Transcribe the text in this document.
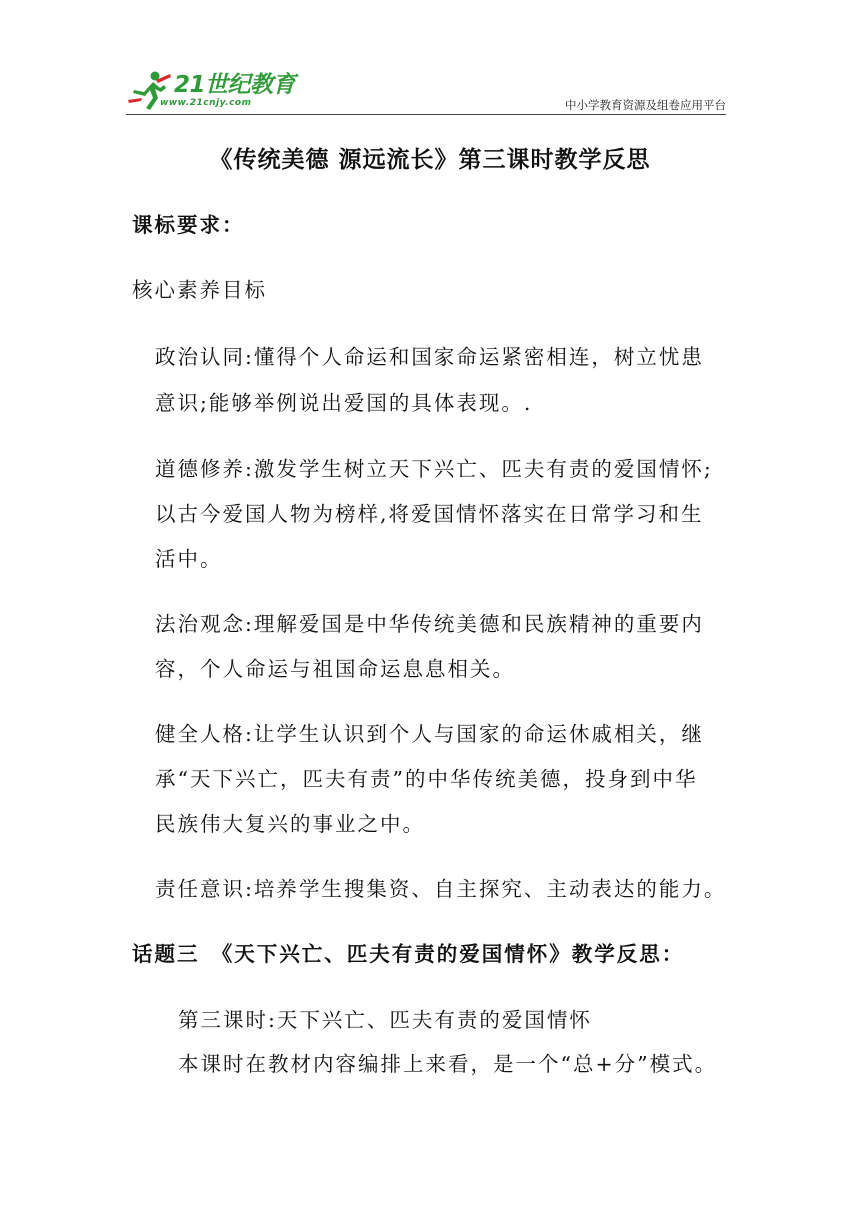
21世纪教育
www.21cnjy.com	中小学教育资源及组卷应用平台
《传统美德 源远流长》第三课时教学反思
课标要求：
核心素养目标
政治认同:懂得个人命运和国家命运紧密相连，树立忧患
意识;能够举例说出爱国的具体表现。.
道德修养:激发学生树立天下兴亡、匹夫有责的爱国情怀;
以古今爱国人物为榜样,将爱国情怀落实在日常学习和生
活中。
法治观念:理解爱国是中华传统美德和民族精神的重要内
容，个人命运与祖国命运息息相关。
健全人格:让学生认识到个人与国家的命运休戚相关，继
承“天下兴亡，匹夫有责”的中华传统美德，投身到中华
民族伟大复兴的事业之中。
责任意识:培养学生搜集资、自主探究、主动表达的能力。
话题三　《天下兴亡、匹夫有责的爱国情怀》教学反思：
第三课时:天下兴亡、匹夫有责的爱国情怀
本课时在教材内容编排上来看，是一个“总+分”模式。
